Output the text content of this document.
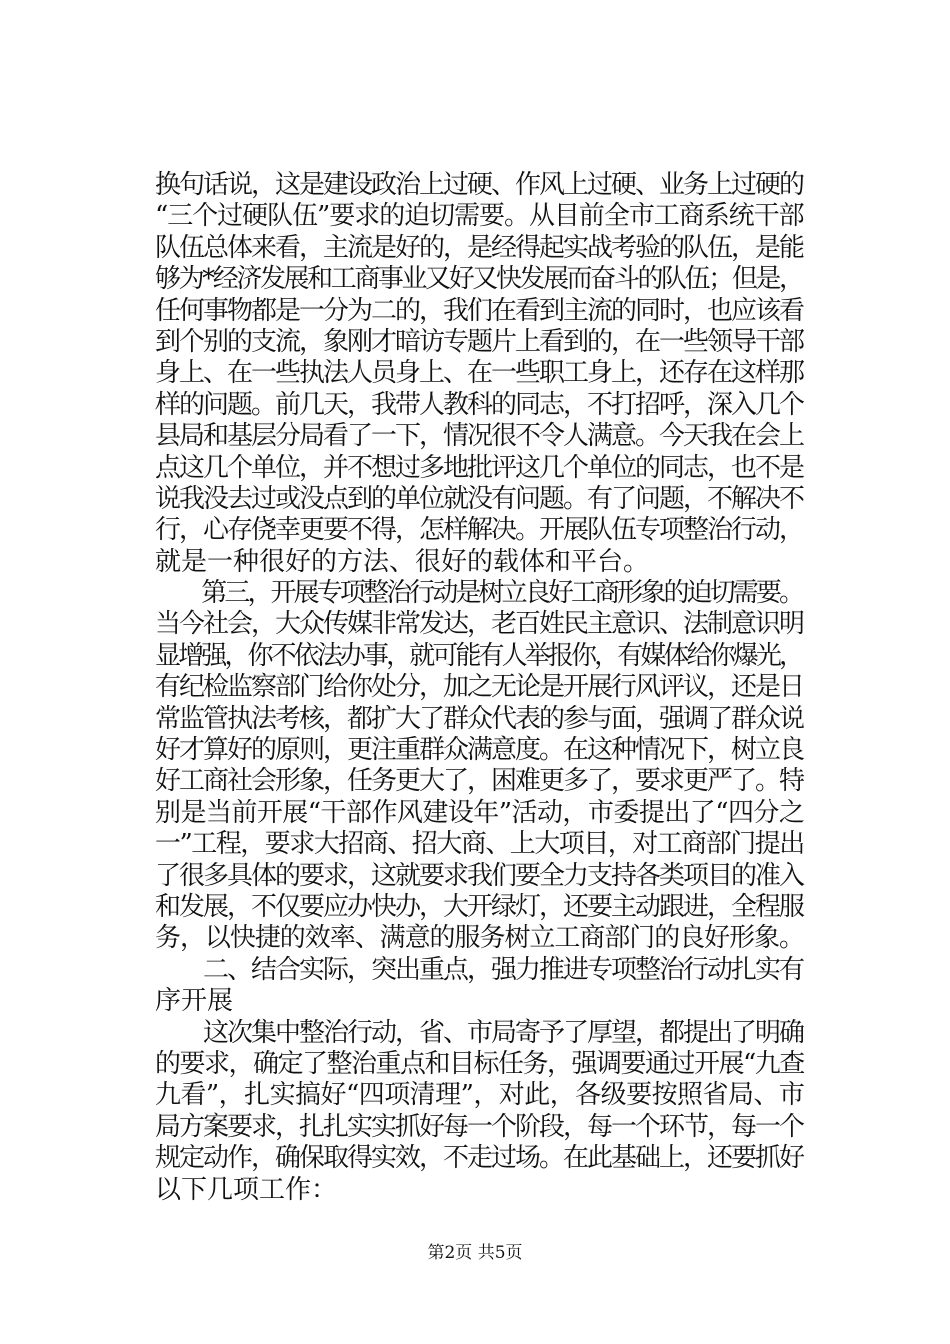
换句话说，这是建设政治上过硬、作风上过硬、业务上过硬的
“三个过硬队伍”要求的迫切需要。从目前全市工商系统干部
队伍总体来看，主流是好的，是经得起实战考验的队伍，是能
够为*经济发展和工商事业又好又快发展而奋斗的队伍；但是，
任何事物都是一分为二的，我们在看到主流的同时，也应该看
到个别的支流，象刚才暗访专题片上看到的，在一些领导干部
身上、在一些执法人员身上、在一些职工身上，还存在这样那
样的问题。前几天，我带人教科的同志，不打招呼，深入几个
县局和基层分局看了一下，情况很不令人满意。今天我在会上
点这几个单位，并不想过多地批评这几个单位的同志，也不是
说我没去过或没点到的单位就没有问题。有了问题，不解决不
行，心存侥幸更要不得，怎样解决。开展队伍专项整治行动，
就是一种很好的方法、很好的载体和平台。
　　第三，开展专项整治行动是树立良好工商形象的迫切需要。
当今社会，大众传媒非常发达，老百姓民主意识、法制意识明
显增强，你不依法办事，就可能有人举报你，有媒体给你爆光，
有纪检监察部门给你处分，加之无论是开展行风评议，还是日
常监管执法考核，都扩大了群众代表的参与面，强调了群众说
好才算好的原则，更注重群众满意度。在这种情况下，树立良
好工商社会形象，任务更大了，困难更多了，要求更严了。特
别是当前开展“干部作风建设年”活动，市委提出了“四分之
一”工程，要求大招商、招大商、上大项目，对工商部门提出
了很多具体的要求，这就要求我们要全力支持各类项目的准入
和发展，不仅要应办快办，大开绿灯，还要主动跟进，全程服
务，以快捷的效率、满意的服务树立工商部门的良好形象。
　　二、结合实际，突出重点，强力推进专项整治行动扎实有
序开展
　　这次集中整治行动，省、市局寄予了厚望，都提出了明确
的要求，确定了整治重点和目标任务，强调要通过开展“九查
九看”，扎实搞好“四项清理”，对此，各级要按照省局、市
局方案要求，扎扎实实抓好每一个阶段，每一个环节，每一个
规定动作，确保取得实效，不走过场。在此基础上，还要抓好
以下几项工作：
第2页 共5页
